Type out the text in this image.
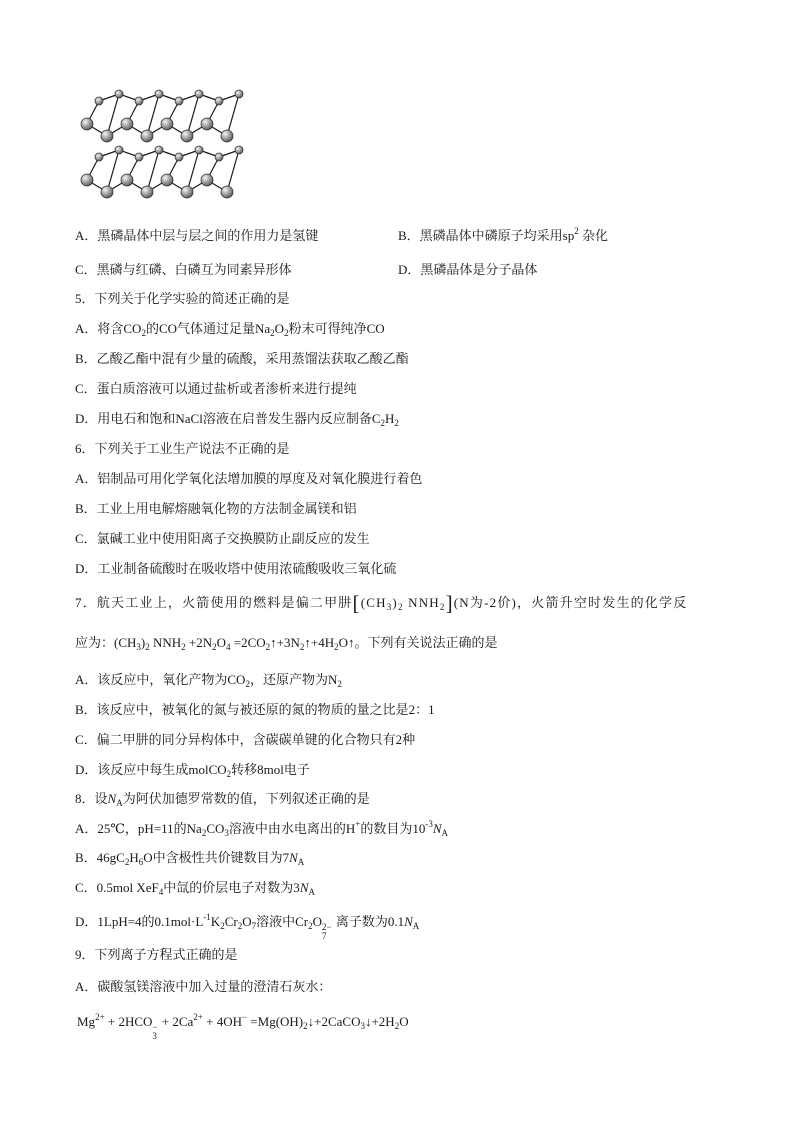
A．黑磷晶体中层与层之间的作用力是氢键	B．黑磷晶体中磷原子均采用$sp^2$ 杂化
C．黑磷与红磷、白磷互为同素异形体	D．黑磷晶体是分子晶体
5．下列关于化学实验的简述正确的是
A．将含$CO_2$的CO气体通过足量$Na_2O_2$粉末可得纯净CO
B．乙酸乙酯中混有少量的硫酸，采用蒸馏法获取乙酸乙酯
C．蛋白质溶液可以通过盐析或者渗析来进行提纯
D．用电石和饱和NaCl溶液在启普发生器内反应制备$C_2H_2$
6．下列关于工业生产说法不正确的是
A．铝制品可用化学氧化法增加膜的厚度及对氧化膜进行着色
B．工业上用电解熔融氧化物的方法制金属镁和铝
C．氯碱工业中使用阳离子交换膜防止副反应的发生
D．工业制备硫酸时在吸收塔中使用浓硫酸吸收三氧化硫
7．航天工业上，火箭使用的燃料是偏二甲肼[$(CH_3)_2$ $NNH_2](N$为-2价)，火箭升空时发生的化学反
应为：$(CH_3)_2$ $NNH_2 +2N_2O_4$ $=2CO_2↑+3N_2↑+4H_2O↑$。下列有关说法正确的是
A．该反应中，氧化产物为$CO_2$，还原产物为$N_2$
B．该反应中，被氧化的氮与被还原的氮的物质的量之比是2：1
C．偏二甲肼的同分异构体中，含碳碳单键的化合物只有2种
D．该反应中每生成molCO$_2$转移8mol电子
8．设$N_A$为阿伏加德罗常数的值，下列叙述正确的是
A．25℃，pH=11的$Na_2CO_3$溶液中由水电离出的H+的数目为$10^{-3}N_A$
B．$46gC_2H_6O$中含极性共价键数目为$7N_A$
C．0.5mol XeF$_4$中氙的价层电子对数为$3N_A$
D．1LpH=4的$0.1mol\cdot L^{-1}K_2Cr_2O_7$溶液中$Cr_2O$ 2−
7
离子数为$0.1N_A$
9．下列离子方程式正确的是
A．碳酸氢镁溶液中加入过量的澄清石灰水：
$Mg^{2+} + 2HCO$ −
3
+ $2Ca^{2+} + 4OH^-$ $=Mg(OH)_2↓+2CaCO_3↓+2H_2O$
